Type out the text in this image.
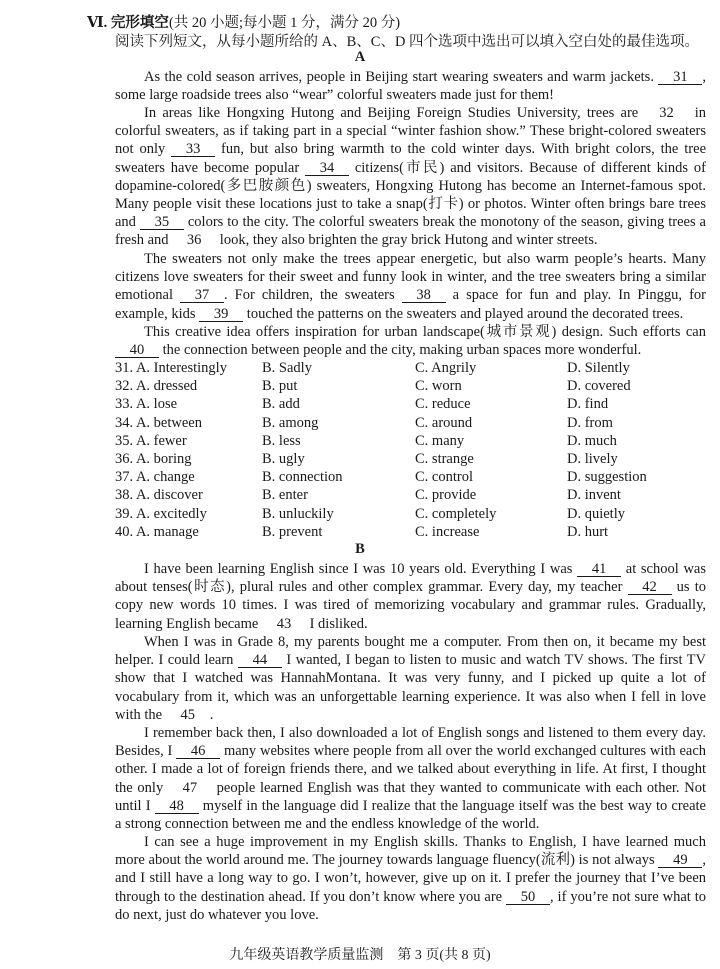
Ⅵ. 完形填空(共 20 小题;每小题 1 分，满分 20 分)
阅读下列短文，从每小题所给的 A、B、C、D 四个选项中选出可以填入空白处的最佳选项。
A
As the cold season arrives, people in Beijing start wearing sweaters and warm jackets. 31 , some large roadside trees also “wear” colorful sweaters made just for them!
In areas like Hongxing Hutong and Beijing Foreign Studies University, trees are 32 in colorful sweaters, as if taking part in a special “winter fashion show.” These bright-colored sweaters not only 33 fun, but also bring warmth to the cold winter days. With bright colors, the tree sweaters have become popular 34 citizens(市民) and visitors. Because of different kinds of dopamine-colored(多巴胺颜色) sweaters, Hongxing Hutong has become an Internet-famous spot. Many people visit these locations just to take a snap(打卡) or photos. Winter often brings bare trees and 35 colors to the city. The colorful sweaters break the monotony of the season, giving trees a fresh and 36 look, they also brighten the gray brick Hutong and winter streets.
The sweaters not only make the trees appear energetic, but also warm people’s hearts. Many citizens love sweaters for their sweet and funny look in winter, and the tree sweaters bring a similar emotional 37 . For children, the sweaters 38 a space for fun and play. In Pinggu, for example, kids 39 touched the patterns on the sweaters and played around the decorated trees.
This creative idea offers inspiration for urban landscape(城市景观) design. Such efforts can 40 the connection between people and the city, making urban spaces more wonderful.
31. A. Interestingly B. Sadly	C. Angrily	D. Silently
32. A. dressed	B. put	C. worn	D. covered
33. A. lose	B. add	C. reduce	D. find
34. A. between	B. among	C. around	D. from
35. A. fewer	B. less	C. many	D. much
36. A. boring	B. ugly	C. strange	D. lively
37. A. change	B. connection	C. control	D. suggestion
38. A. discover	B. enter	C. provide	D. invent
39. A. excitedly	B. unluckily	C. completely	D. quietly
40. A. manage	B. prevent	C. increase	D. hurt
B
I have been learning English since I was 10 years old. Everything I was 41 at school was about tenses(时态), plural rules and other complex grammar. Every day, my teacher 42 us to copy new words 10 times. I was tired of memorizing vocabulary and grammar rules. Gradually, learning English became 43 I disliked.
When I was in Grade 8, my parents bought me a computer. From then on, it became my best helper. I could learn 44 I wanted, I began to listen to music and watch TV shows. The first TV show that I watched was HannahMontana. It was very funny, and I picked up quite a lot of vocabulary from it, which was an unforgettable learning experience. It was also when I fell in love with the 45 .
I remember back then, I also downloaded a lot of English songs and listened to them every day. Besides, I 46 many websites where people from all over the world exchanged cultures with each other. I made a lot of foreign friends there, and we talked about everything in life. At first, I thought the only 47 people learned English was that they wanted to communicate with each other. Not until I 48 myself in the language did I realize that the language itself was the best way to create a strong connection between me and the endless knowledge of the world.
I can see a huge improvement in my English skills. Thanks to English, I have learned much more about the world around me. The journey towards language fluency(流利) is not always 49 , and I still have a long way to go. I won’t, however, give up on it. I prefer the journey that I’ve been through to the destination ahead. If you don’t know where you are 50 , if you’re not sure what to do next, just do whatever you love.
九年级英语教学质量监测　第 3 页(共 8 页)
